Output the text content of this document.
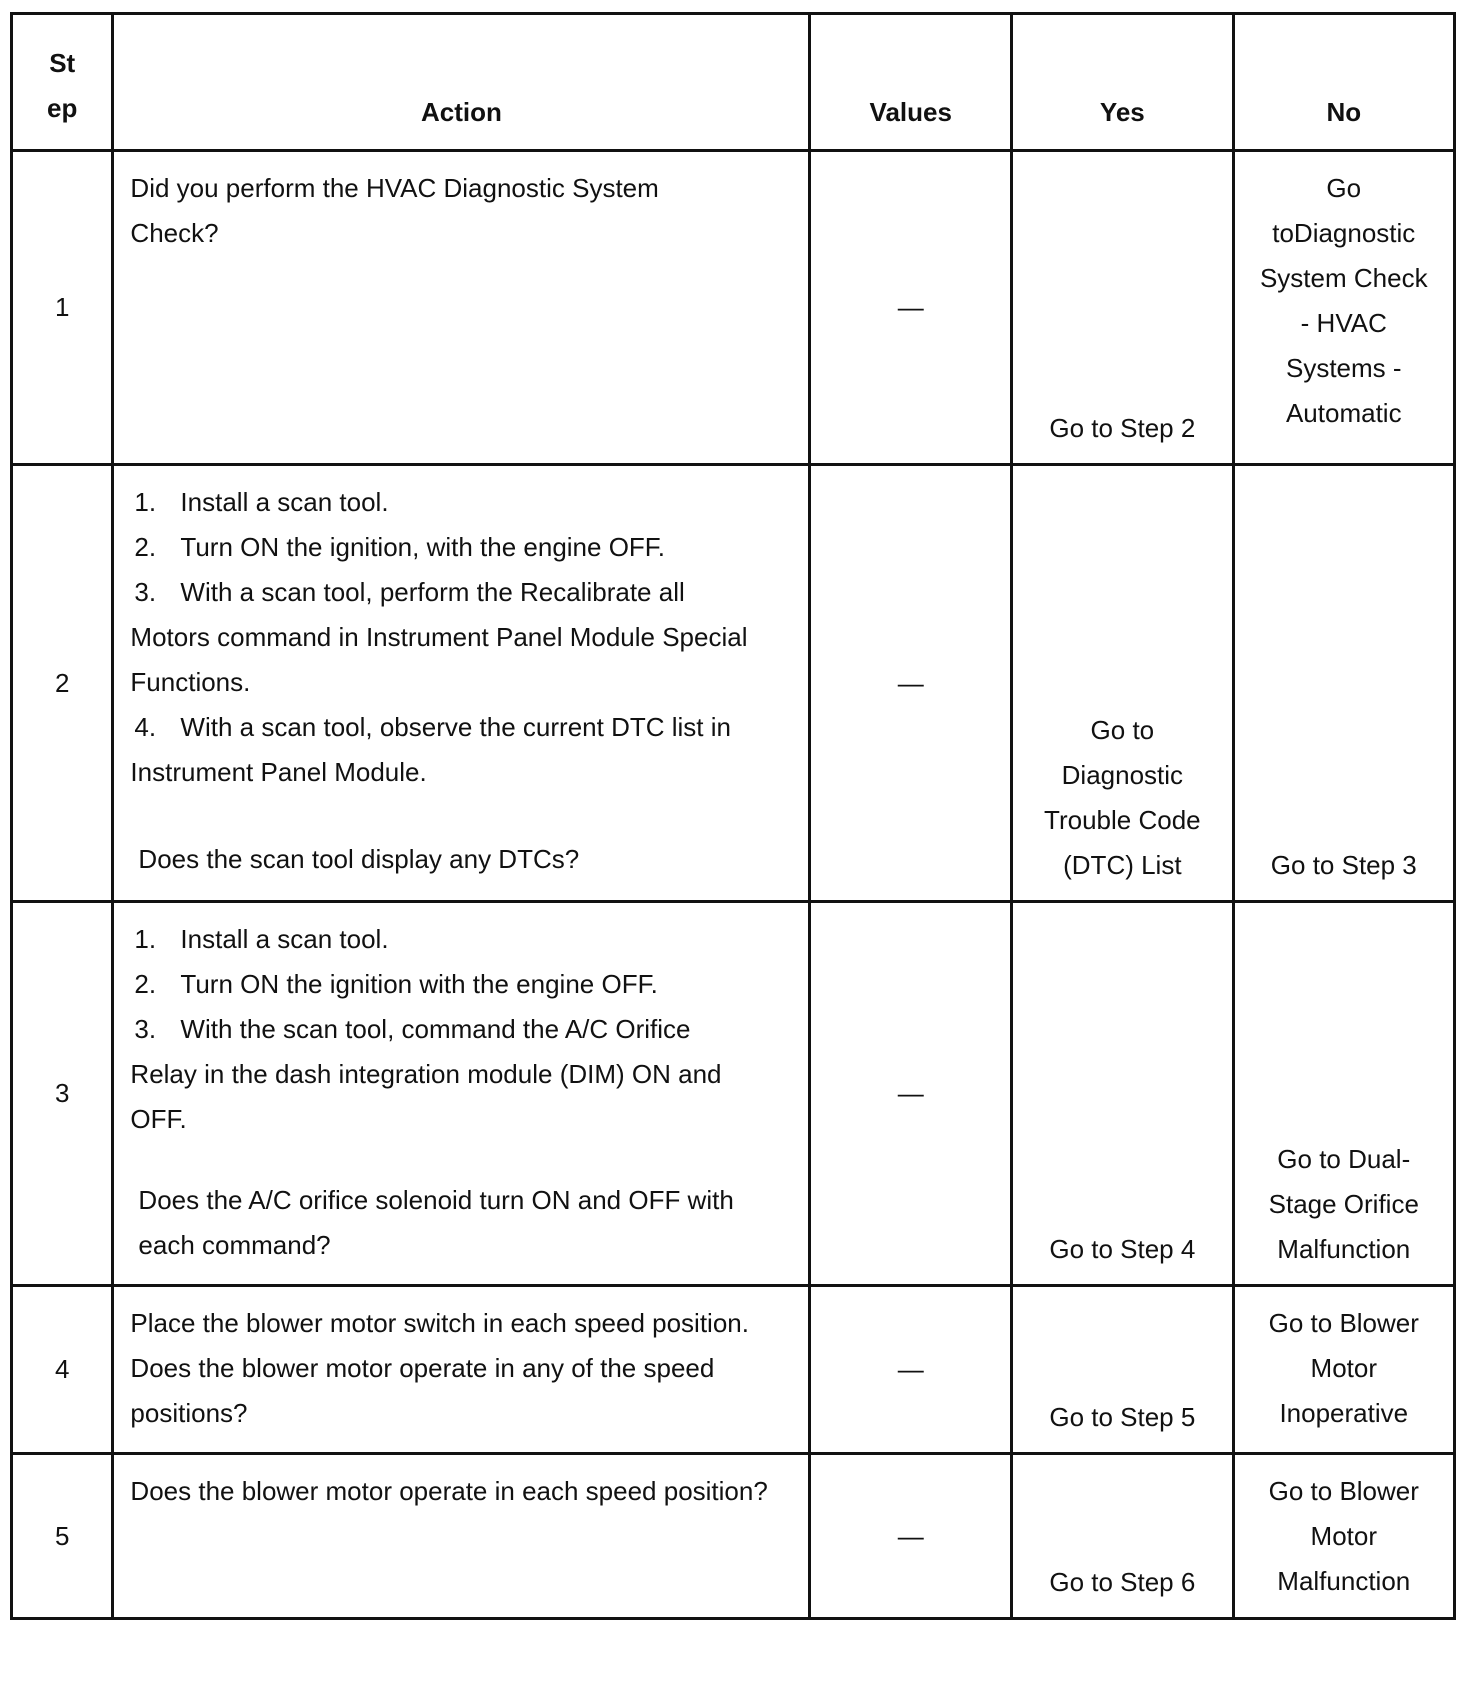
St
ep	Action	Values	Yes	No
1	Did you perform the HVAC Diagnostic System Check?	—	Go to Step 2	Go toDiagnostic System Check - HVAC Systems - Automatic
2	1. Install a scan tool.
2. Turn ON the ignition, with the engine OFF.
3. With a scan tool, perform the Recalibrate all Motors command in Instrument Panel Module Special Functions.
4. With a scan tool, observe the current DTC list in Instrument Panel Module.
Does the scan tool display any DTCs?	—	Go to Diagnostic Trouble Code (DTC) List	Go to Step 3
3	1. Install a scan tool.
2. Turn ON the ignition with the engine OFF.
3. With the scan tool, command the A/C Orifice Relay in the dash integration module (DIM) ON and OFF.
Does the A/C orifice solenoid turn ON and OFF with each command?	—	Go to Step 4	Go to Dual-Stage Orifice Malfunction
4	Place the blower motor switch in each speed position. Does the blower motor operate in any of the speed positions?	—	Go to Step 5	Go to Blower Motor Inoperative
5	Does the blower motor operate in each speed position?	—	Go to Step 6	Go to Blower Motor Malfunction
